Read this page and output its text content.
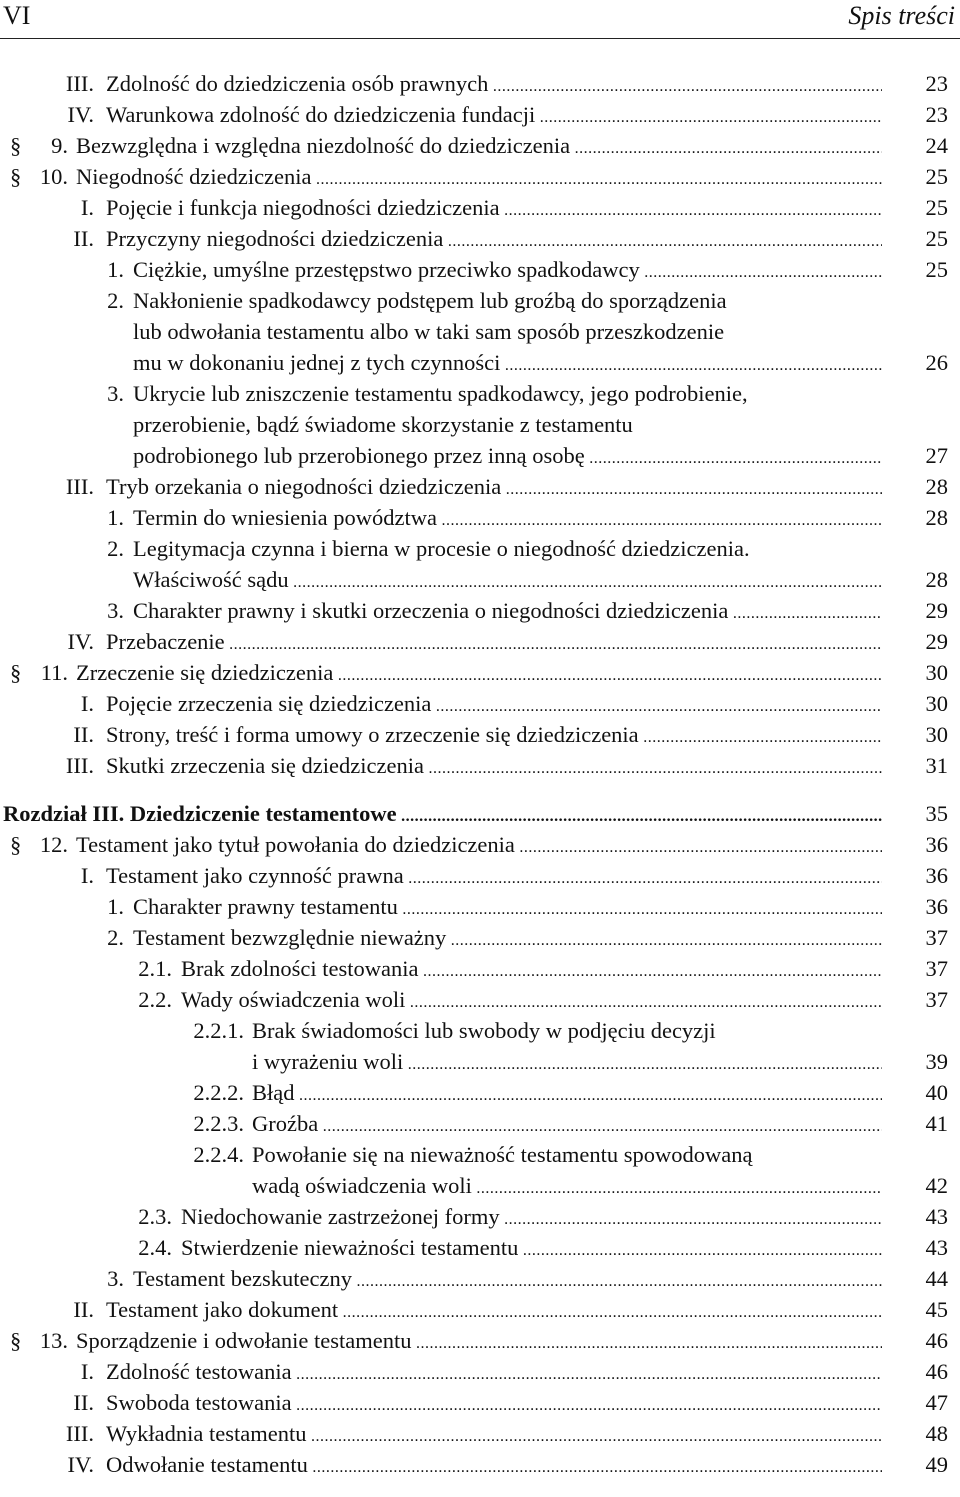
VI	Spis treści
III. Zdolność do dziedziczenia osób prawnych .....	23
IV. Warunkowa zdolność do dziedziczenia fundacji .....	23
§ 9. Bezwzględna i względna niezdolność do dziedziczenia .....	24
§ 10. Niegodność dziedziczenia .....	25
I. Pojęcie i funkcja niegodności dziedziczenia .....	25
II. Przyczyny niegodności dziedziczenia .....	25
1. Ciężkie, umyślne przestępstwo przeciwko spadkodawcy .....	25
2. Nakłonienie spadkodawcy podstępem lub groźbą do sporządzenia
lub odwołania testamentu albo w taki sam sposób przeszkodzenie
mu w dokonaniu jednej z tych czynności .....	26
3. Ukrycie lub zniszczenie testamentu spadkodawcy, jego podrobienie,
przerobienie, bądź świadome skorzystanie z testamentu
podrobionego lub przerobionego przez inną osobę .....	27
III. Tryb orzekania o niegodności dziedziczenia .....	28
1. Termin do wniesienia powództwa .....	28
2. Legitymacja czynna i bierna w procesie o niegodność dziedziczenia.
Właściwość sądu .....	28
3. Charakter prawny i skutki orzeczenia o niegodności dziedziczenia .....	29
IV. Przebaczenie .....	29
§ 11. Zrzeczenie się dziedziczenia .....	30
I. Pojęcie zrzeczenia się dziedziczenia .....	30
II. Strony, treść i forma umowy o zrzeczenie się dziedziczenia .....	30
III. Skutki zrzeczenia się dziedziczenia .....	31
Rozdział III. Dziedziczenie testamentowe .....	35
§ 12. Testament jako tytuł powołania do dziedziczenia .....	36
I. Testament jako czynność prawna .....	36
1. Charakter prawny testamentu .....	36
2. Testament bezwzględnie nieważny .....	37
2.1. Brak zdolności testowania .....	37
2.2. Wady oświadczenia woli .....	37
2.2.1. Brak świadomości lub swobody w podjęciu decyzji
i wyrażeniu woli .....	39
2.2.2. Błąd .....	40
2.2.3. Groźba .....	41
2.2.4. Powołanie się na nieważność testamentu spowodowaną
wadą oświadczenia woli .....	42
2.3. Niedochowanie zastrzeżonej formy .....	43
2.4. Stwierdzenie nieważności testamentu .....	43
3. Testament bezskuteczny .....	44
II. Testament jako dokument .....	45
§ 13. Sporządzenie i odwołanie testamentu .....	46
I. Zdolność testowania .....	46
II. Swoboda testowania .....	47
III. Wykładnia testamentu .....	48
IV. Odwołanie testamentu .....	49
